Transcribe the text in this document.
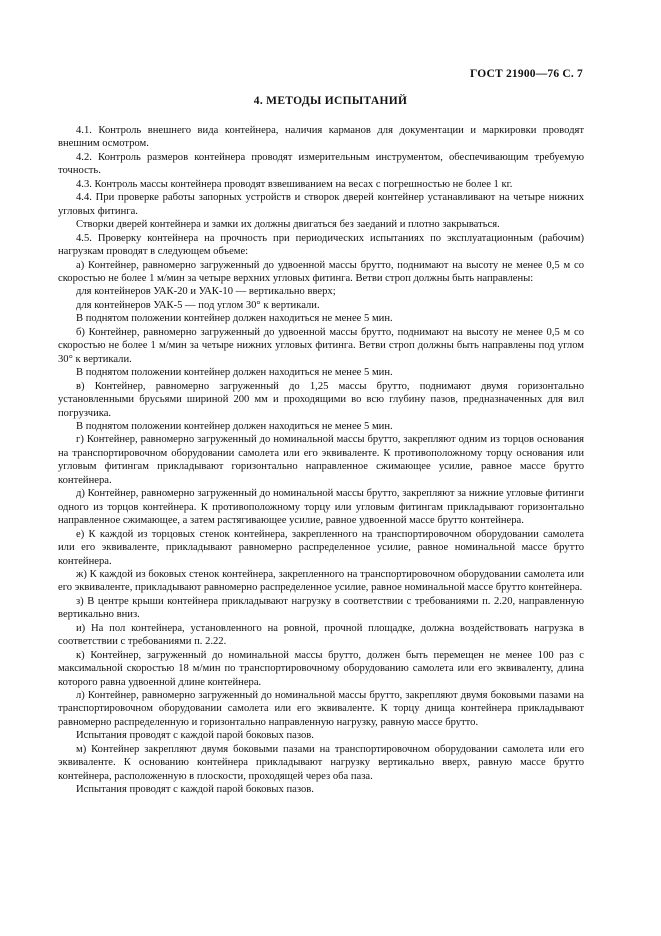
ГОСТ 21900—76 С. 7
4. МЕТОДЫ ИСПЫТАНИЙ

4.1. Контроль внешнего вида контейнера, наличия карманов для документации и маркировки проводят внешним осмотром.

4.2. Контроль размеров контейнера проводят измерительным инструментом, обеспечивающим требуемую точность.

4.3. Контроль массы контейнера проводят взвешиванием на весах с погрешностью не более 1 кг.

4.4. При проверке работы запорных устройств и створок дверей контейнер устанавливают на четыре нижних угловых фитинга.

Створки дверей контейнера и замки их должны двигаться без заеданий и плотно закрываться.

4.5. Проверку контейнера на прочность при периодических испытаниях по эксплуатационным (рабочим) нагрузкам проводят в следующем объеме:

а) Контейнер, равномерно загруженный до удвоенной массы брутто, поднимают на высоту не менее 0,5 м со скоростью не более 1 м/мин за четыре верхних угловых фитинга. Ветви строп должны быть направлены:

для контейнеров УАК-20 и УАК-10 — вертикально вверх;

для контейнеров УАК-5 — под углом 30° к вертикали.

В поднятом положении контейнер должен находиться не менее 5 мин.

б) Контейнер, равномерно загруженный до удвоенной массы брутто, поднимают на высоту не менее 0,5 м со скоростью не более 1 м/мин за четыре нижних угловых фитинга. Ветви строп должны быть направлены под углом 30° к вертикали.

В поднятом положении контейнер должен находиться не менее 5 мин.

в) Контейнер, равномерно загруженный до 1,25 массы брутто, поднимают двумя горизонтально установленными брусьями шириной 200 мм и проходящими во всю глубину пазов, предназначенных для вил погрузчика.

В поднятом положении контейнер должен находиться не менее 5 мин.

г) Контейнер, равномерно загруженный до номинальной массы брутто, закрепляют одним из торцов основания на транспортировочном оборудовании самолета или его эквиваленте. К противоположному торцу основания или угловым фитингам прикладывают горизонтально направленное сжимающее усилие, равное массе брутто контейнера.

д) Контейнер, равномерно загруженный до номинальной массы брутто, закрепляют за нижние угловые фитинги одного из торцов контейнера. К противоположному торцу или угловым фитингам прикладывают горизонтально направленное сжимающее, а затем растягивающее усилие, равное удвоенной массе брутто контейнера.

е) К каждой из торцовых стенок контейнера, закрепленного на транспортировочном оборудовании самолета или его эквиваленте, прикладывают равномерно распределенное усилие, равное номинальной массе брутто контейнера.

ж) К каждой из боковых стенок контейнера, закрепленного на транспортировочном оборудовании самолета или его эквиваленте, прикладывают равномерно распределенное усилие, равное номинальной массе брутто контейнера.

з) В центре крыши контейнера прикладывают нагрузку в соответствии с требованиями п. 2.20, направленную вертикально вниз.

и) На пол контейнера, установленного на ровной, прочной площадке, должна воздействовать нагрузка в соответствии с требованиями п. 2.22.

к) Контейнер, загруженный до номинальной массы брутто, должен быть перемещен не менее 100 раз с максимальной скоростью 18 м/мин по транспортировочному оборудованию самолета или его эквиваленту, длина которого равна удвоенной длине контейнера.

л) Контейнер, равномерно загруженный до номинальной массы брутто, закрепляют двумя боковыми пазами на транспортировочном оборудовании самолета или его эквиваленте. К торцу днища контейнера прикладывают равномерно распределенную и горизонтально направленную нагрузку, равную массе брутто.

Испытания проводят с каждой парой боковых пазов.

м) Контейнер закрепляют двумя боковыми пазами на транспортировочном оборудовании самолета или его эквиваленте. К основанию контейнера прикладывают нагрузку вертикально вверх, равную массе брутто контейнера, расположенную в плоскости, проходящей через оба паза.

Испытания проводят с каждой парой боковых пазов.
